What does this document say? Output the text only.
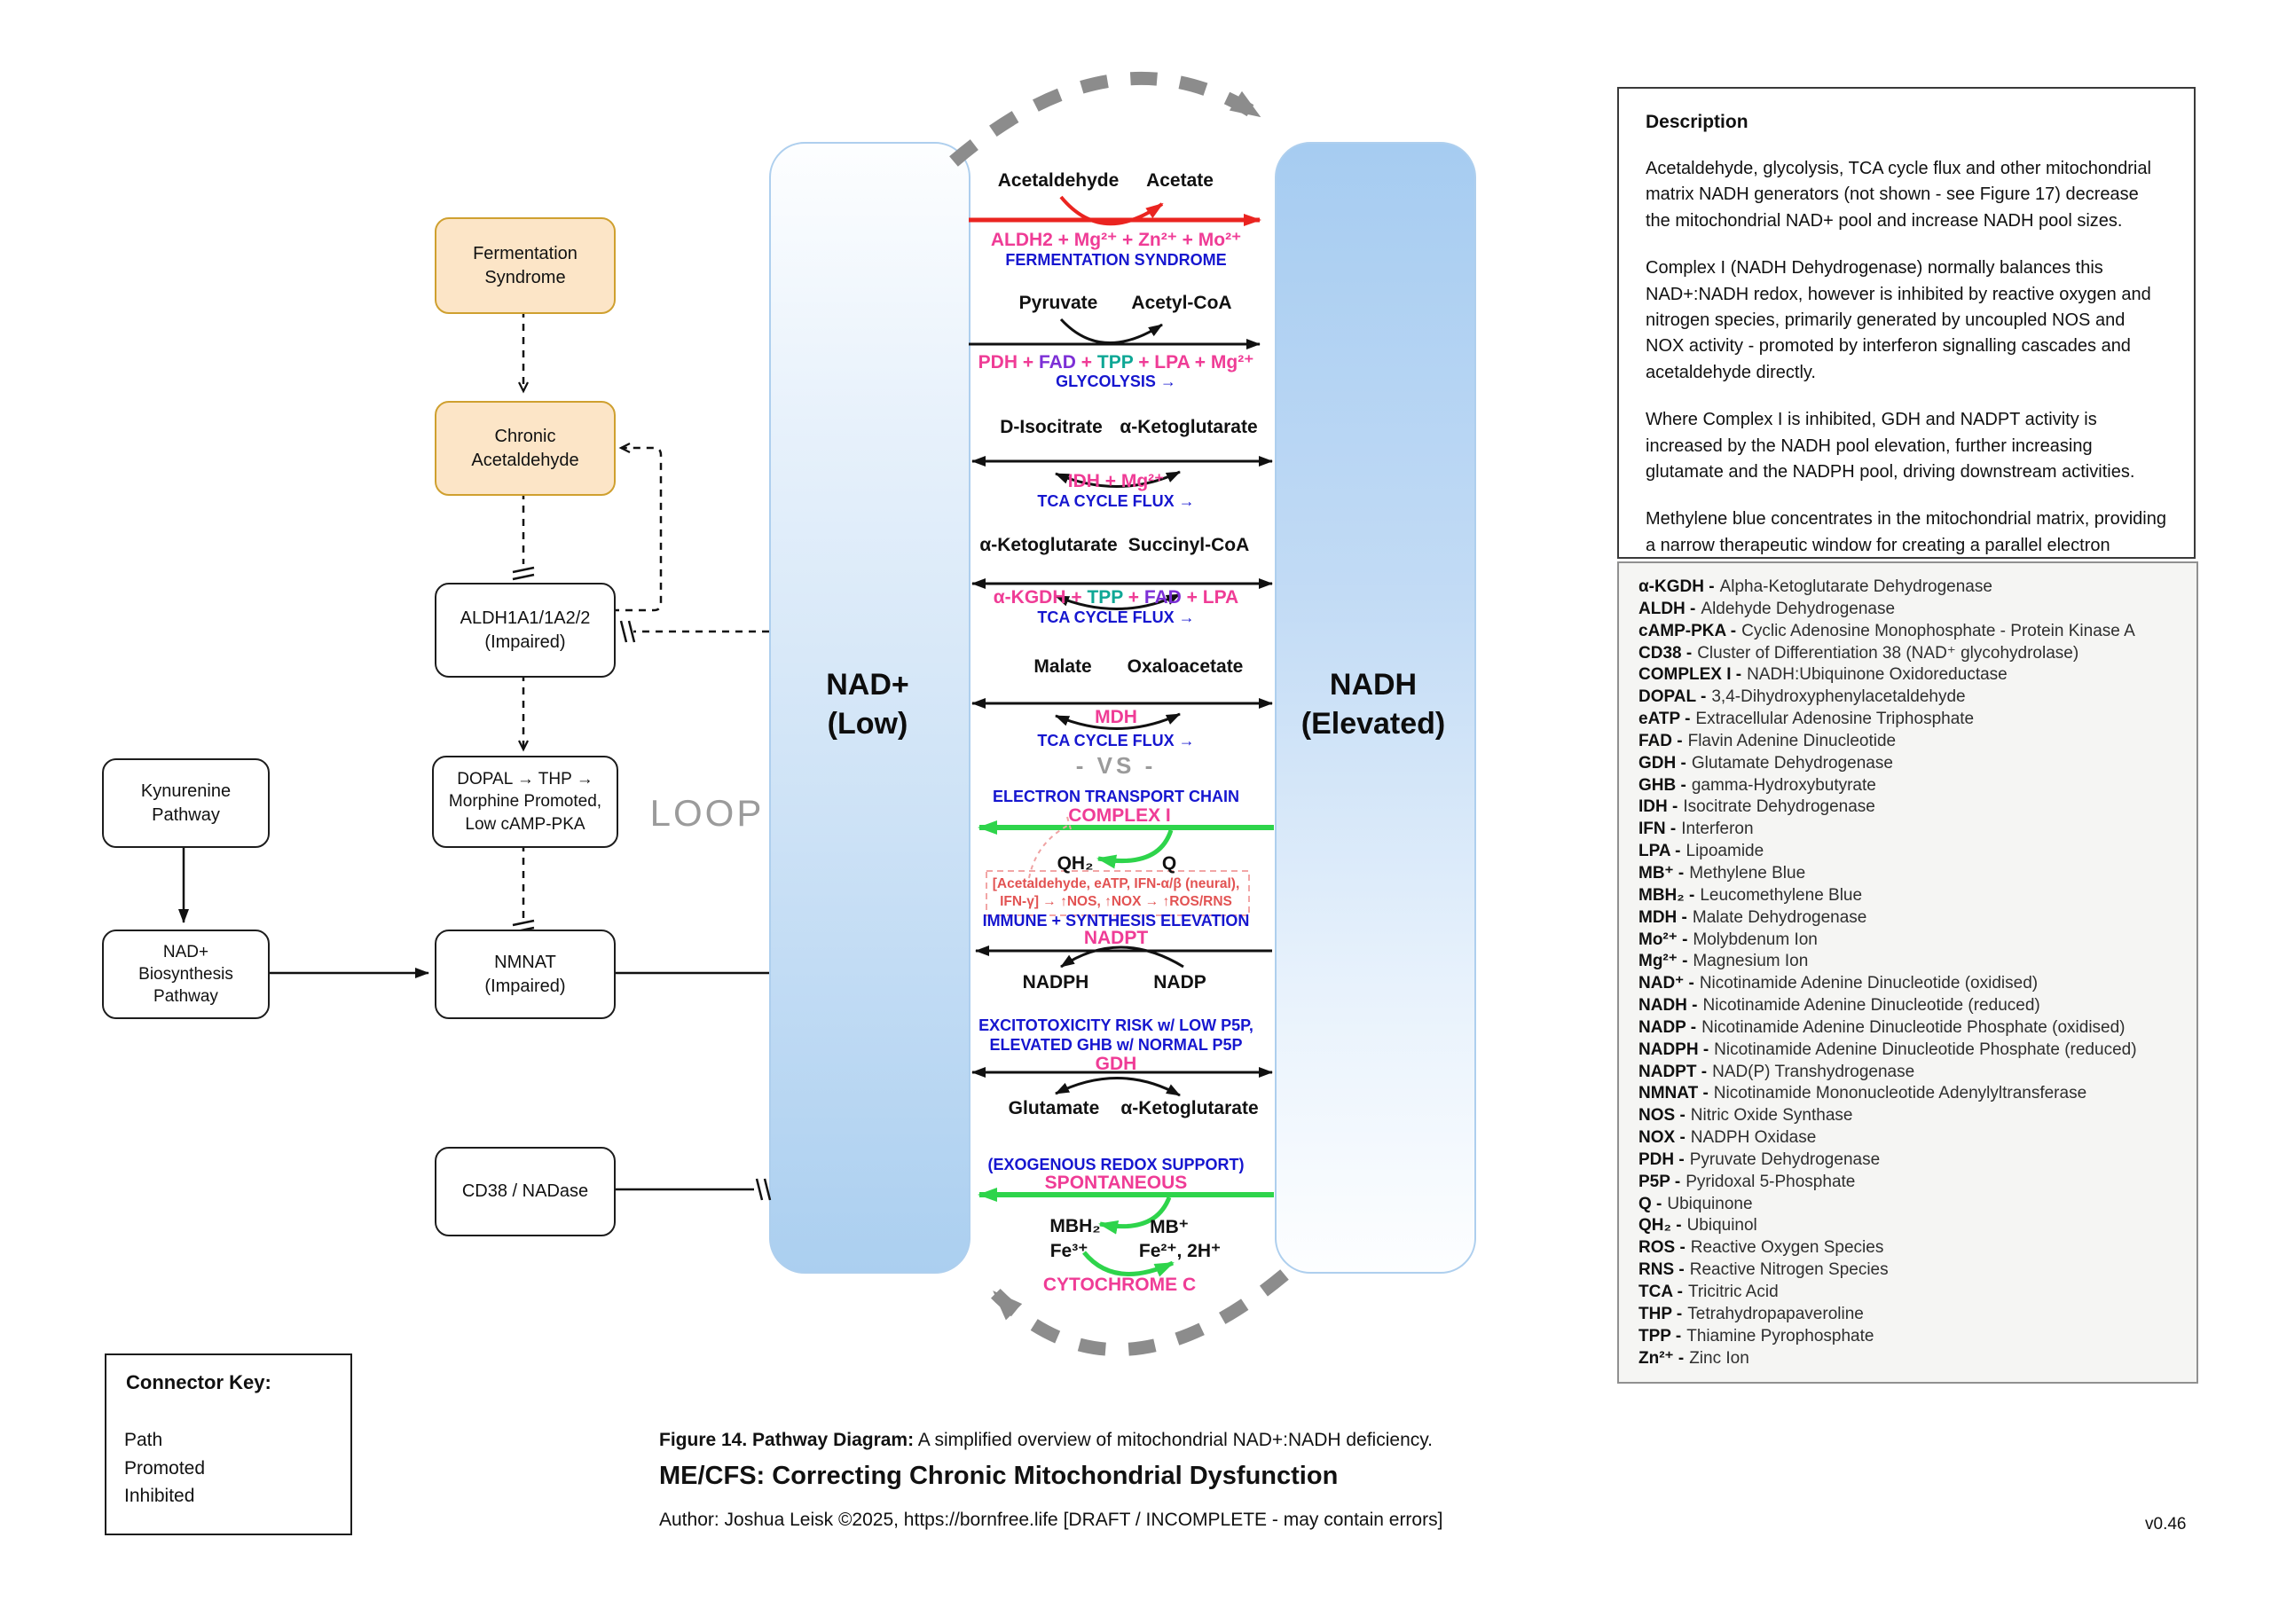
NAD+
(Low)
NADH
(Elevated)
Fermentation
Syndrome
Chronic
Acetaldehyde
ALDH1A1/1A2/2
(Impaired)
DOPAL → THP →
Morphine Promoted,
Low cAMP-PKA
Kynurenine
Pathway
NAD+
Biosynthesis
Pathway
NMNAT
(Impaired)
CD38 / NADase
LOOP
Acetaldehyde Acetate
ALDH2 + Mg²⁺ + Zn²⁺ + Mo²⁺
FERMENTATION SYNDROME
Pyruvate Acetyl-CoA
PDH + FAD + TPP + LPA + Mg²⁺
GLYCOLYSIS →
D-Isocitrate α-Ketoglutarate
IDH + Mg²⁺
TCA CYCLE FLUX →
α-Ketoglutarate Succinyl-CoA
α-KGDH + TPP + FAD + LPA
TCA CYCLE FLUX →
Malate Oxaloacetate
MDH
TCA CYCLE FLUX →
- VS -
ELECTRON TRANSPORT CHAIN
COMPLEX I
QH₂	Q
[Acetaldehyde, eATP, IFN-α/β (neural),
IFN-γ] → ↑NOS, ↑NOX → ↑ROS/RNS
IMMUNE + SYNTHESIS ELEVATION
NADPT
NADPH	NADP
EXCITOTOXICITY RISK w/ LOW P5P,
ELEVATED GHB w/ NORMAL P5P
GDH
Glutamate α-Ketoglutarate
(EXOGENOUS REDOX SUPPORT)
SPONTANEOUS
MBH₂	MB⁺
Fe³⁺	Fe²⁺, 2H⁺
CYTOCHROME C
Description

Acetaldehyde, glycolysis, TCA cycle flux and other mitochondrial matrix NADH generators (not shown - see Figure 17) decrease the mitochondrial NAD+ pool and increase NADH pool sizes.

Complex I (NADH Dehydrogenase) normally balances this NAD+:NADH redox, however is inhibited by reactive oxygen and nitrogen species, primarily generated by uncoupled NOS and NOX activity - promoted by interferon signalling cascades and acetaldehyde directly.

Where Complex I is inhibited, GDH and NADPT activity is increased by the NADH pool elevation, further increasing glutamate and the NADPH pool, driving downstream activities.

Methylene blue concentrates in the mitochondrial matrix, providing a narrow therapeutic window for creating a parallel electron

α-KGDH - Alpha-Ketoglutarate Dehydrogenase
ALDH - Aldehyde Dehydrogenase
cAMP-PKA - Cyclic Adenosine Monophosphate - Protein Kinase A
CD38 - Cluster of Differentiation 38 (NAD⁺ glycohydrolase)
COMPLEX I - NADH:Ubiquinone Oxidoreductase
DOPAL - 3,4-Dihydroxyphenylacetaldehyde
eATP - Extracellular Adenosine Triphosphate
FAD - Flavin Adenine Dinucleotide
GDH - Glutamate Dehydrogenase
GHB - gamma-Hydroxybutyrate
IDH - Isocitrate Dehydrogenase
IFN - Interferon
LPA - Lipoamide
MB⁺ - Methylene Blue
MBH₂ - Leucomethylene Blue
MDH - Malate Dehydrogenase
Mo²⁺ - Molybdenum Ion
Mg²⁺ - Magnesium Ion
NAD⁺ - Nicotinamide Adenine Dinucleotide (oxidised)
NADH - Nicotinamide Adenine Dinucleotide (reduced)
NADP - Nicotinamide Adenine Dinucleotide Phosphate (oxidised)
NADPH - Nicotinamide Adenine Dinucleotide Phosphate (reduced)
NADPT - NAD(P) Transhydrogenase
NMNAT - Nicotinamide Mononucleotide Adenylyltransferase
NOS - Nitric Oxide Synthase
NOX - NADPH Oxidase
PDH - Pyruvate Dehydrogenase
P5P - Pyridoxal 5-Phosphate
Q - Ubiquinone
QH₂ - Ubiquinol
ROS - Reactive Oxygen Species
RNS - Reactive Nitrogen Species
TCA - Tricitric Acid
THP - Tetrahydropapaveroline
TPP - Thiamine Pyrophosphate
Zn²⁺ - Zinc Ion
Connector Key:
Path
Promoted
Inhibited
Figure 14. Pathway Diagram: A simplified overview of mitochondrial NAD+:NADH deficiency.
ME/CFS: Correcting Chronic Mitochondrial Dysfunction
Author: Joshua Leisk ©2025, https://bornfree.life [DRAFT / INCOMPLETE - may contain errors]	v0.46
